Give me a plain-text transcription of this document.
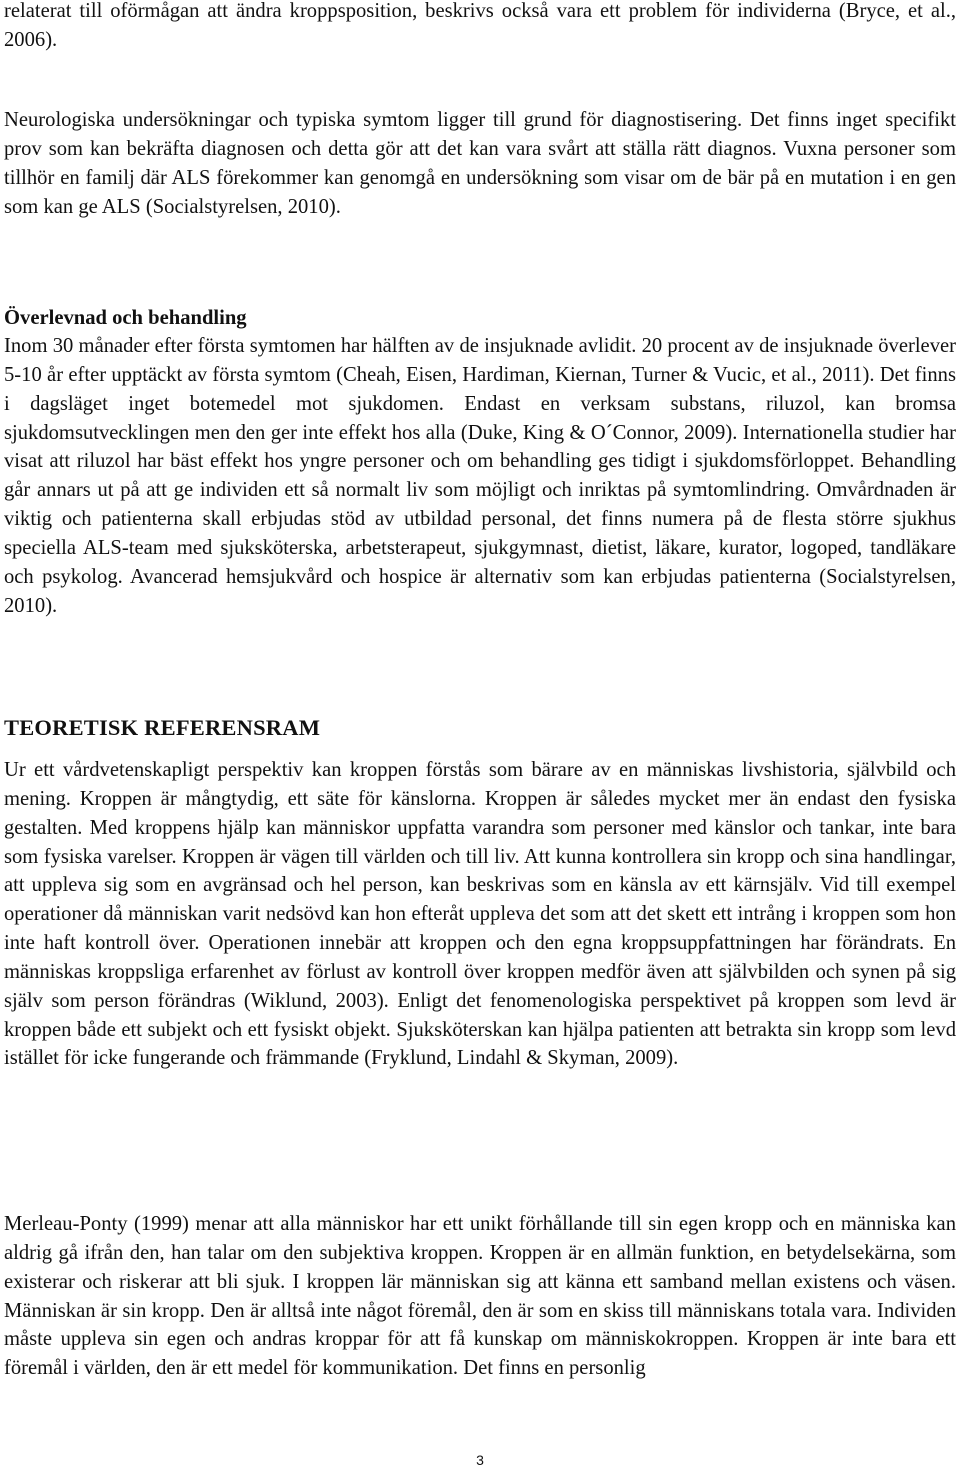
relaterat till oförmågan att ändra kroppsposition, beskrivs också vara ett problem för individerna (Bryce, et al., 2006).

Neurologiska undersökningar och typiska symtom ligger till grund för diagnostisering. Det finns inget specifikt prov som kan bekräfta diagnosen och detta gör att det kan vara svårt att ställa rätt diagnos. Vuxna personer som tillhör en familj där ALS förekommer kan genomgå en undersökning som visar om de bär på en mutation i en gen som kan ge ALS (Socialstyrelsen, 2010).

Överlevnad och behandling

Inom 30 månader efter första symtomen har hälften av de insjuknade avlidit. 20 procent av de insjuknade överlever 5-10 år efter upptäckt av första symtom (Cheah, Eisen, Hardiman, Kiernan, Turner & Vucic, et al., 2011). Det finns i dagsläget inget botemedel mot sjukdomen. Endast en verksam substans, riluzol, kan bromsa sjukdomsutvecklingen men den ger inte effekt hos alla (Duke, King & O´Connor, 2009). Internationella studier har visat att riluzol har bäst effekt hos yngre personer och om behandling ges tidigt i sjukdomsförloppet. Behandling går annars ut på att ge individen ett så normalt liv som möjligt och inriktas på symtomlindring. Omvårdnaden är viktig och patienterna skall erbjudas stöd av utbildad personal, det finns numera på de flesta större sjukhus speciella ALS-team med sjuksköterska, arbetsterapeut, sjukgymnast, dietist, läkare, kurator, logoped, tandläkare och psykolog. Avancerad hemsjukvård och hospice är alternativ som kan erbjudas patienterna (Socialstyrelsen, 2010).

TEORETISK REFERENSRAM

Ur ett vårdvetenskapligt perspektiv kan kroppen förstås som bärare av en människas livshistoria, självbild och mening. Kroppen är mångtydig, ett säte för känslorna. Kroppen är således mycket mer än endast den fysiska gestalten. Med kroppens hjälp kan människor uppfatta varandra som personer med känslor och tankar, inte bara som fysiska varelser. Kroppen är vägen till världen och till liv. Att kunna kontrollera sin kropp och sina handlingar, att uppleva sig som en avgränsad och hel person, kan beskrivas som en känsla av ett kärnsjälv. Vid till exempel operationer då människan varit nedsövd kan hon efteråt uppleva det som att det skett ett intrång i kroppen som hon inte haft kontroll över. Operationen innebär att kroppen och den egna kroppsuppfattningen har förändrats. En människas kroppsliga erfarenhet av förlust av kontroll över kroppen medför även att självbilden och synen på sig själv som person förändras (Wiklund, 2003). Enligt det fenomenologiska perspektivet på kroppen som levd är kroppen både ett subjekt och ett fysiskt objekt. Sjuksköterskan kan hjälpa patienten att betrakta sin kropp som levd istället för icke fungerande och främmande (Fryklund, Lindahl & Skyman, 2009).

Merleau-Ponty (1999) menar att alla människor har ett unikt förhållande till sin egen kropp och en människa kan aldrig gå ifrån den, han talar om den subjektiva kroppen. Kroppen är en allmän funktion, en betydelsekärna, som existerar och riskerar att bli sjuk. I kroppen lär människan sig att känna ett samband mellan existens och väsen. Människan är sin kropp. Den är alltså inte något föremål, den är som en skiss till människans totala vara. Individen måste uppleva sin egen och andras kroppar för att få kunskap om människokroppen. Kroppen är inte bara ett föremål i världen, den är ett medel för kommunikation. Det finns en personlig

3
